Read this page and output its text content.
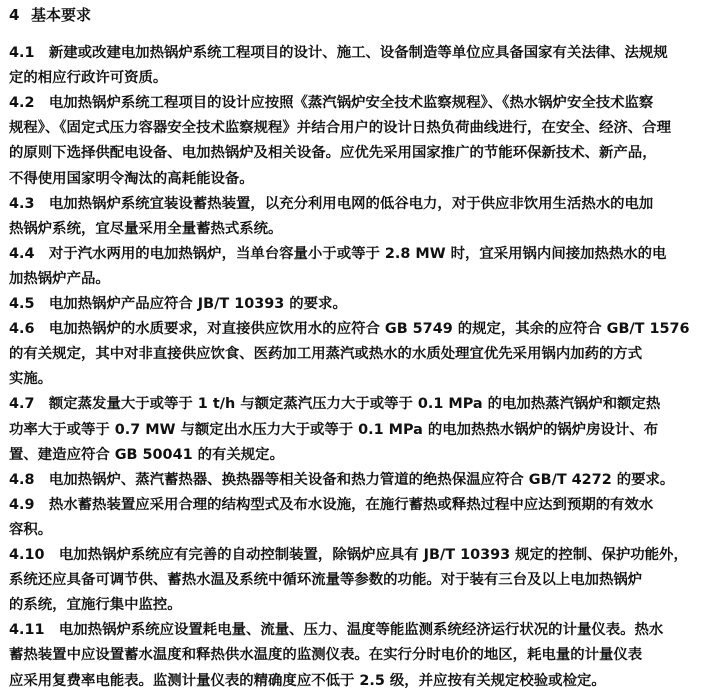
4 基本要求
4.1　新建或改建电加热锅炉系统工程项目的设计、施工、设备制造等单位应具备国家有关法律、法规规
定的相应行政许可资质。
4.2　电加热锅炉系统工程项目的设计应按照《蒸汽锅炉安全技术监察规程》、《热水锅炉安全技术监察
规程》、《固定式压力容器安全技术监察规程》并结合用户的设计日热负荷曲线进行，在安全、经济、合理
的原则下选择供配电设备、电加热锅炉及相关设备。应优先采用国家推广的节能环保新技术、新产品，
不得使用国家明令淘汰的高耗能设备。
4.3　电加热锅炉系统宜装设蓄热装置，以充分利用电网的低谷电力，对于供应非饮用生活热水的电加
热锅炉系统，宜尽量采用全量蓄热式系统。
4.4　对于汽水两用的电加热锅炉，当单台容量小于或等于 2.8 MW 时，宜采用锅内间接加热热水的电
加热锅炉产品。
4.5　电加热锅炉产品应符合 JB/T 10393 的要求。
4.6　电加热锅炉的水质要求，对直接供应饮用水的应符合 GB 5749 的规定，其余的应符合 GB/T 1576
的有关规定，其中对非直接供应饮食、医药加工用蒸汽或热水的水质处理宜优先采用锅内加药的方式
实施。
4.7　额定蒸发量大于或等于 1 t/h 与额定蒸汽压力大于或等于 0.1 MPa 的电加热蒸汽锅炉和额定热
功率大于或等于 0.7 MW 与额定出水压力大于或等于 0.1 MPa 的电加热热水锅炉的锅炉房设计、布
置、建造应符合 GB 50041 的有关规定。
4.8　电加热锅炉、蒸汽蓄热器、换热器等相关设备和热力管道的绝热保温应符合 GB/T 4272 的要求。
4.9　热水蓄热装置应采用合理的结构型式及布水设施，在施行蓄热或释热过程中应达到预期的有效水
容积。
4.10　电加热锅炉系统应有完善的自动控制装置，除锅炉应具有 JB/T 10393 规定的控制、保护功能外，
系统还应具备可调节供、蓄热水温及系统中循环流量等参数的功能。对于装有三台及以上电加热锅炉
的系统，宜施行集中监控。
4.11　电加热锅炉系统应设置耗电量、流量、压力、温度等能监测系统经济运行状况的计量仪表。热水
蓄热装置中应设置蓄水温度和释热供水温度的监测仪表。在实行分时电价的地区，耗电量的计量仪表
应采用复费率电能表。监测计量仪表的精确度应不低于 2.5 级，并应按有关规定校验或检定。
